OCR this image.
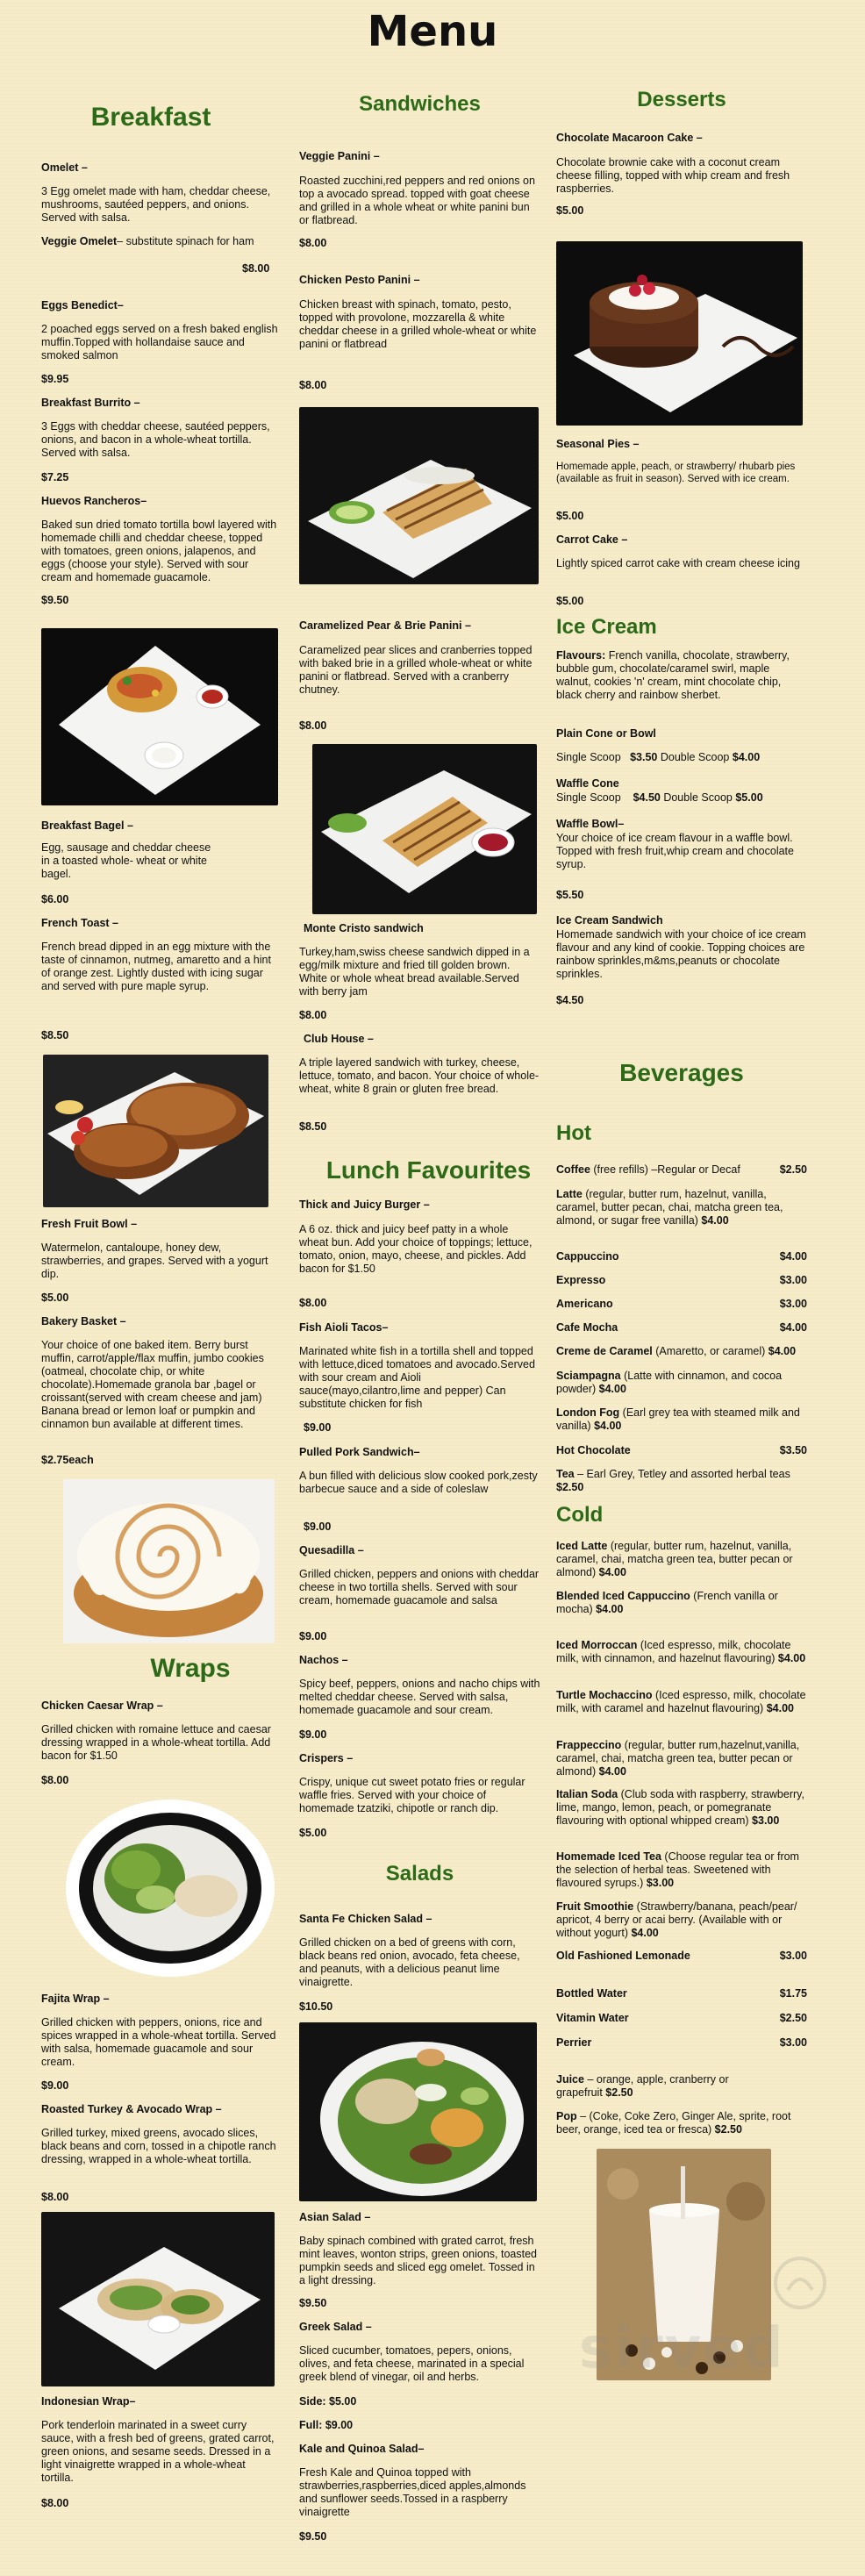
Menu
Breakfast
Omelet –
3 Egg omelet made with ham, cheddar cheese, mushrooms, sautéed peppers, and onions. Served with salsa.
Veggie Omelet– substitute spinach for ham
$8.00
Eggs Benedict–
2 poached eggs served on a fresh baked english muffin.Topped with hollandaise sauce and smoked salmon
$9.95
Breakfast Burrito –
3 Eggs with cheddar cheese, sautéed peppers, onions, and bacon in a whole-wheat tortilla. Served with salsa.
$7.25
Huevos Rancheros–
Baked sun dried tomato tortilla bowl layered with homemade chilli and cheddar cheese, topped with tomatoes, green onions, jalapenos, and eggs (choose your style). Served with sour cream and homemade guacamole.
$9.50
Breakfast Bagel –
Egg, sausage and cheddar cheese in a toasted whole- wheat or white bagel.
$6.00
French Toast –
French bread dipped in an egg mixture with the taste of cinnamon, nutmeg, amaretto and a hint of orange zest. Lightly dusted with icing sugar and served with pure maple syrup.
$8.50
Fresh Fruit Bowl –
Watermelon, cantaloupe, honey dew, strawberries, and grapes. Served with a yogurt dip.
$5.00
Bakery Basket –
Your choice of one baked item. Berry burst muffin, carrot/apple/flax muffin, jumbo cookies (oatmeal, chocolate chip, or white chocolate).Homemade granola bar ,bagel or croissant(served with cream cheese and jam) Banana bread or lemon loaf or pumpkin and cinnamon bun available at different times.
$2.75each
Wraps
Chicken Caesar Wrap –
Grilled chicken with romaine lettuce and caesar dressing wrapped in a whole-wheat tortilla. Add bacon for $1.50
$8.00
Fajita Wrap –
Grilled chicken with peppers, onions, rice and spices wrapped in a whole-wheat tortilla. Served with salsa, homemade guacamole and sour cream.
$9.00
Roasted Turkey & Avocado Wrap –
Grilled turkey, mixed greens, avocado slices, black beans and corn, tossed in a chipotle ranch dressing, wrapped in a whole-wheat tortilla.
$8.00
Indonesian Wrap–
Pork tenderloin marinated in a sweet curry sauce, with a fresh bed of greens, grated carrot, green onions, and sesame seeds. Dressed in a light vinaigrette wrapped in a whole-wheat tortilla.
$8.00
Sandwiches
Veggie Panini –
Roasted zucchini,red peppers and red onions on top a avocado spread. topped with goat cheese and grilled in a whole wheat or white panini bun or flatbread.
$8.00
Chicken Pesto Panini –
Chicken breast with spinach, tomato, pesto, topped with provolone, mozzarella & white cheddar cheese in a grilled whole-wheat or white panini or flatbread
$8.00
Caramelized Pear & Brie Panini –
Caramelized pear slices and cranberries topped with baked brie in a grilled whole-wheat or white panini or flatbread. Served with a cranberry chutney.
$8.00
Monte Cristo sandwich
Turkey,ham,swiss cheese sandwich dipped in a egg/milk mixture and fried till golden brown. White or whole wheat bread available.Served with berry jam
$8.00
Club House –
A triple layered sandwich with turkey, cheese, lettuce, tomato, and bacon. Your choice of whole-wheat, white 8 grain or gluten free bread.
$8.50
Lunch Favourites
Thick and Juicy Burger –
A 6 oz. thick and juicy beef patty in a whole wheat bun. Add your choice of toppings; lettuce, tomato, onion, mayo, cheese, and pickles. Add bacon for $1.50
$8.00
Fish Aioli Tacos–
Marinated white fish in a tortilla shell and topped with lettuce,diced tomatoes and avocado.Served with sour cream and Aioli sauce(mayo,cilantro,lime and pepper) Can substitute chicken for fish
$9.00
Pulled Pork Sandwich–
A bun filled with delicious slow cooked pork,zesty barbecue sauce and a side of coleslaw
$9.00
Quesadilla –
Grilled chicken, peppers and onions with cheddar cheese in two tortilla shells. Served with sour cream, homemade guacamole and salsa
$9.00
Nachos –
Spicy beef, peppers, onions and nacho chips with melted cheddar cheese. Served with salsa, homemade guacamole and sour cream.
$9.00
Crispers –
Crispy, unique cut sweet potato fries or regular waffle fries. Served with your choice of homemade tzatziki, chipotle or ranch dip.
$5.00
Salads
Santa Fe Chicken Salad –
Grilled chicken on a bed of greens with corn, black beans red onion, avocado, feta cheese, and peanuts, with a delicious peanut lime vinaigrette.
$10.50
Asian Salad –
Baby spinach combined with grated carrot, fresh mint leaves, wonton strips, green onions, toasted pumpkin seeds and sliced egg omelet. Tossed in a light dressing.
$9.50
Greek Salad –
Sliced cucumber, tomatoes, pepers, onions, olives, and feta cheese, marinated in a special greek blend of vinegar, oil and herbs.
Side: $5.00
Full: $9.00
Kale and Quinoa Salad–
Fresh Kale and Quinoa topped with strawberries,raspberries,diced apples,almonds and sunflower seeds.Tossed in a raspberry vinaigrette
$9.50
Desserts
Chocolate Macaroon Cake –
Chocolate brownie cake with a coconut cream cheese filling, topped with whip cream and fresh raspberries.
$5.00
Seasonal Pies –
Homemade apple, peach, or strawberry/ rhubarb pies (available as fruit in season). Served with ice cream.
$5.00
Carrot Cake –
Lightly spiced carrot cake with cream cheese icing
$5.00
Ice Cream
Flavours: French vanilla, chocolate, strawberry, bubble gum, chocolate/caramel swirl, maple walnut, cookies 'n' cream, mint chocolate chip, black cherry and rainbow sherbet.
Plain Cone or Bowl
Single Scoop $3.50 Double Scoop $4.00
Waffle Cone
Single Scoop $4.50 Double Scoop $5.00
Waffle Bowl–
Your choice of ice cream flavour in a waffle bowl. Topped with fresh fruit,whip cream and chocolate syrup.
$5.50
Ice Cream Sandwich
Homemade sandwich with your choice of ice cream flavour and any kind of cookie. Topping choices are rainbow sprinkles,m&ms,peanuts or chocolate sprinkles.
$4.50
Beverages
Hot
Coffee (free refills) –Regular or Decaf	$2.50
Latte (regular, butter rum, hazelnut, vanilla, caramel, butter pecan, chai, matcha green tea, almond, or sugar free vanilla) $4.00
Cappuccino	$4.00
Expresso	$3.00
Americano	$3.00
Cafe Mocha	$4.00
Creme de Caramel (Amaretto, or caramel) $4.00
Sciampagna (Latte with cinnamon, and cocoa powder) $4.00
London Fog (Earl grey tea with steamed milk and vanilla) $4.00
Hot Chocolate	$3.50
Tea – Earl Grey, Tetley and assorted herbal teas $2.50
Cold
Iced Latte (regular, butter rum, hazelnut, vanilla, caramel, chai, matcha green tea, butter pecan or almond) $4.00
Blended Iced Cappuccino (French vanilla or mocha) $4.00
Iced Morroccan (Iced espresso, milk, chocolate milk, with cinnamon, and hazelnut flavouring) $4.00
Turtle Mochaccino (Iced espresso, milk, chocolate milk, with caramel and hazelnut flavouring) $4.00
Frappeccino (regular, butter rum,hazelnut,vanilla, caramel, chai, matcha green tea, butter pecan or almond) $4.00
Italian Soda (Club soda with raspberry, strawberry, lime, mango, lemon, peach, or pomegranate flavouring with optional whipped cream) $3.00
Homemade Iced Tea (Choose regular tea or from the selection of herbal teas. Sweetened with flavoured syrups.) $3.00
Fruit Smoothie (Strawberry/banana, peach/pear/ apricot, 4 berry or acai berry. (Available with or without yogurt) $4.00
Old Fashioned Lemonade	$3.00
Bottled Water	$1.75
Vitamin Water	$2.50
Perrier	$3.00
Juice – orange, apple, cranberry or grapefruit $2.50
Pop – (Coke, Coke Zero, Ginger Ale, sprite, root beer, orange, iced tea or fresca) $2.50
sirved
